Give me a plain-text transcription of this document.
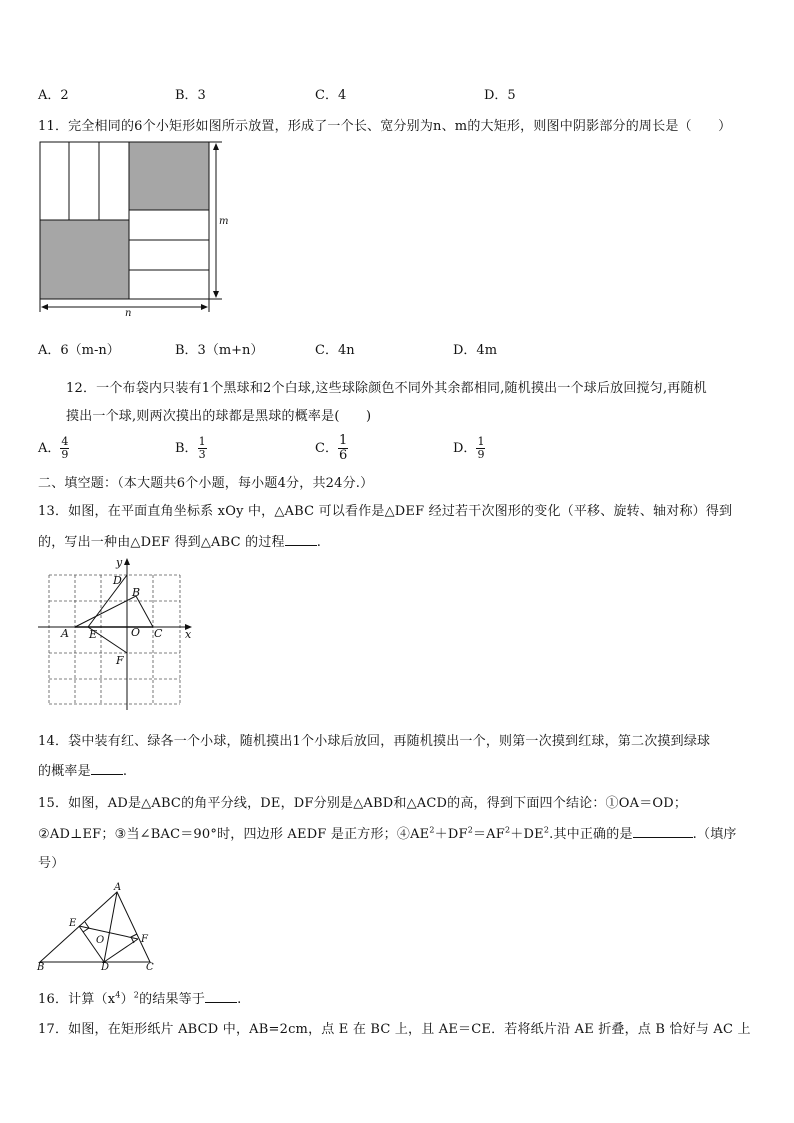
A．2	B．3	C．4	D．5
11．完全相同的6个小矩形如图所示放置，形成了一个长、宽分别为n、m的大矩形，则图中阴影部分的周长是（　　）
m
n
A．6（m-n）	B．3（m+n）	C．4n	D．4m
12．一个布袋内只装有1个黑球和2个白球,这些球除颜色不同外其余都相同,随机摸出一个球后放回搅匀,再随机
摸出一个球,则两次摸出的球都是黑球的概率是(　　)
A． $\frac{4}{9}$	B． $\frac{1}{3}$	C． $\frac{1}{6}$	D． $\frac{1}{9}$
二、填空题：（本大题共6个小题，每小题4分，共24分.）
13．如图，在平面直角坐标系 xOy 中，△ABC 可以看作是△DEF 经过若干次图形的变化（平移、旋转、轴对称）得到
的，写出一种由△DEF 得到△ABC 的过程 .
y
x
D
B
A E	O C
F
14．袋中装有红、绿各一个小球，随机摸出1个小球后放回，再随机摸出一个，则第一次摸到红球，第二次摸到绿球
的概率是 .
15．如图，AD是△ABC的角平分线，DE，DF分别是△ABD和△ACD的高，得到下面四个结论：①OA＝OD；
②AD⊥EF；③当∠BAC＝90°时，四边形 AEDF 是正方形；$④AE^2+DF^2=AF^2+DE^2$.其中正确的是	.（填序
号）
A
E
O	F
B	D	C
16．计算$(x^4)^2$的结果等于 .
17．如图，在矩形纸片 ABCD 中，AB=2cm，点 E 在 BC 上，且 AE＝CE．若将纸片沿 AE 折叠，点 B 恰好与 AC 上
